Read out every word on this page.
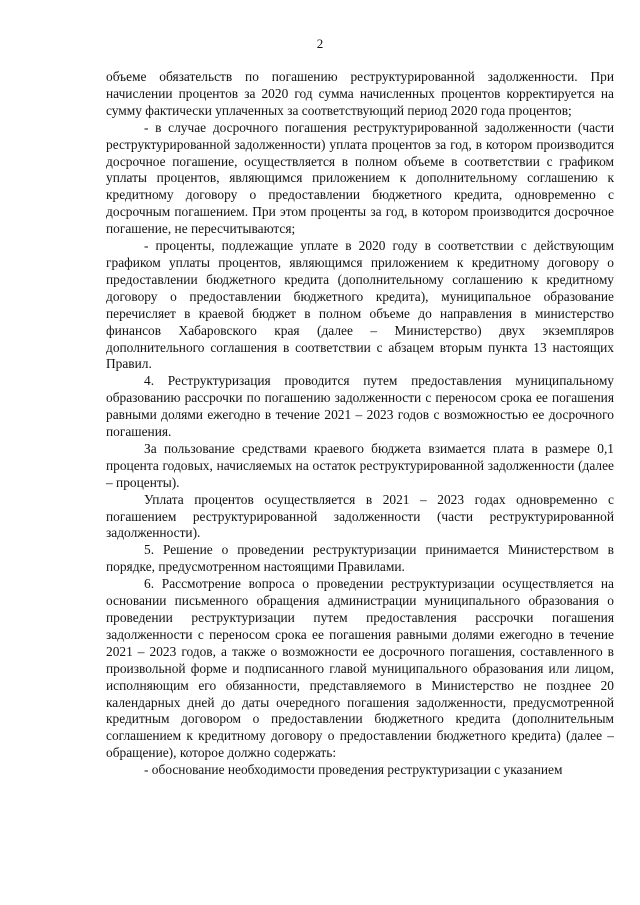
2

объеме обязательств по погашению реструктурированной задолженности. При начислении процентов за 2020 год сумма начисленных процентов корректируется на сумму фактически уплаченных за соответствующий период 2020 года процентов;

- в случае досрочного погашения реструктурированной задолженности (части реструктурированной задолженности) уплата процентов за год, в котором производится досрочное погашение, осуществляется в полном объеме в соответствии с графиком уплаты процентов, являющимся приложением к дополнительному соглашению к кредитному договору о предоставлении бюджетного кредита, одновременно с досрочным погашением. При этом проценты за год, в котором производится досрочное погашение, не пересчитываются;

- проценты, подлежащие уплате в 2020 году в соответствии с действующим графиком уплаты процентов, являющимся приложением к кредитному договору о предоставлении бюджетного кредита (дополнительному соглашению к кредитному договору о предоставлении бюджетного кредита), муниципальное образование перечисляет в краевой бюджет в полном объеме до направления в министерство финансов Хабаровского края (далее – Министерство) двух экземпляров дополнительного соглашения в соответствии с абзацем вторым пункта 13 настоящих Правил.

4. Реструктуризация проводится путем предоставления муниципальному образованию рассрочки по погашению задолженности с переносом срока ее погашения равными долями ежегодно в течение 2021 – 2023 годов с возможностью ее досрочного погашения.

За пользование средствами краевого бюджета взимается плата в размере 0,1 процента годовых, начисляемых на остаток реструктурированной задолженности (далее – проценты).

Уплата процентов осуществляется в 2021 – 2023 годах одновременно с погашением реструктурированной задолженности (части реструктурированной задолженности).

5. Решение о проведении реструктуризации принимается Министерством в порядке, предусмотренном настоящими Правилами.

6. Рассмотрение вопроса о проведении реструктуризации осуществляется на основании письменного обращения администрации муниципального образования о проведении реструктуризации путем предоставления рассрочки погашения задолженности с переносом срока ее погашения равными долями ежегодно в течение 2021 – 2023 годов, а также о возможности ее досрочного погашения, составленного в произвольной форме и подписанного главой муниципального образования или лицом, исполняющим его обязанности, представляемого в Министерство не позднее 20 календарных дней до даты очередного погашения задолженности, предусмотренной кредитным договором о предоставлении бюджетного кредита (дополнительным соглашением к кредитному договору о предоставлении бюджетного кредита) (далее – обращение), которое должно содержать:

- обоснование необходимости проведения реструктуризации с указанием
